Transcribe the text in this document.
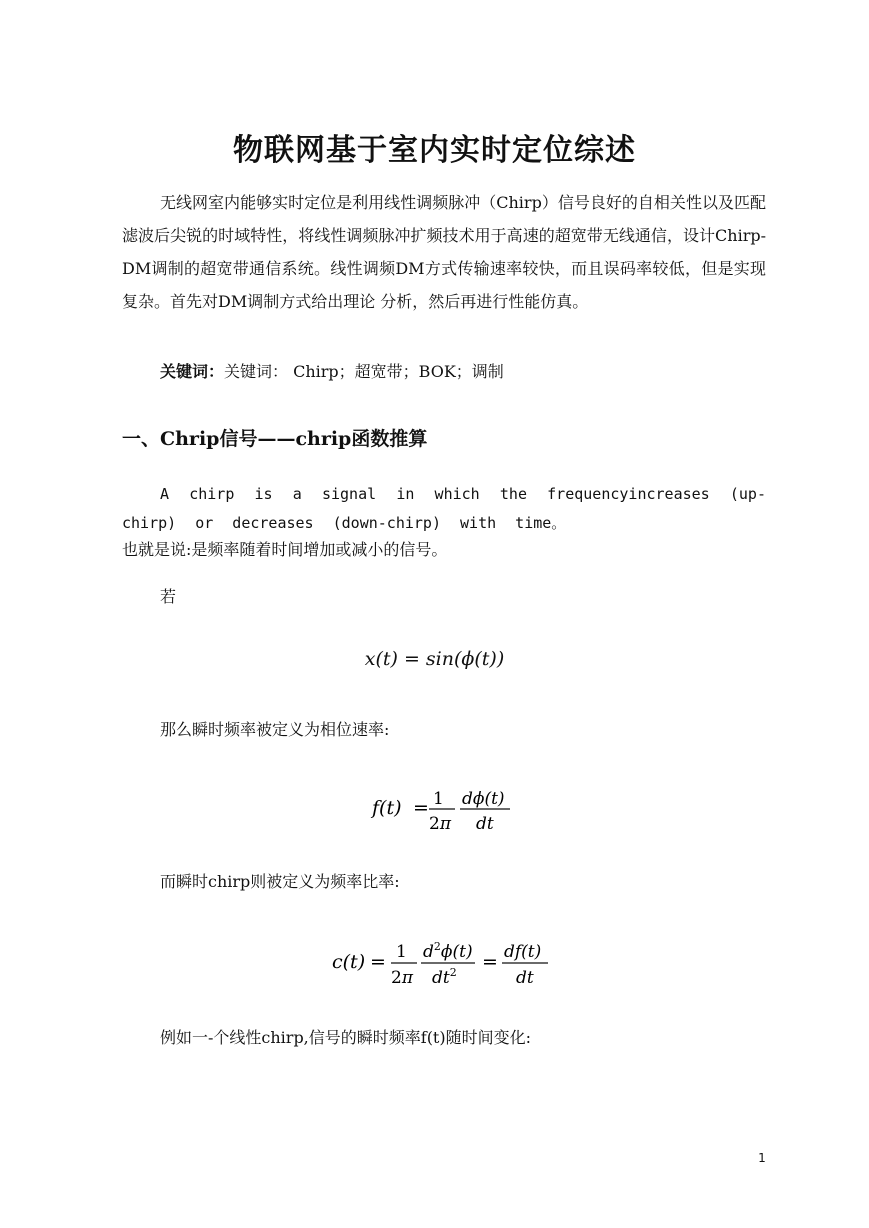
物联网基于室内实时定位综述

无线网室内能够实时定位是利用线性调频脉冲（Chirp）信号良好的自相关性以及匹配滤波后尖锐的时域特性，将线性调频脉冲扩频技术用于高速的超宽带无线通信，设计Chirp-DM调制的超宽带通信系统。线性调频DM方式传输速率较快，而且误码率较低，但是实现复杂。首先对DM调制方式给出理论 分析，然后再进行性能仿真。

关键词：关键词： Chirp；超宽带；BOK；调制
一、Chrip信号——chrip函数推算

A chirp is a signal in which the frequencyincreases (up-chirp) or decreases (down-chirp) with time。

也就是说:是频率随着时间增加或减小的信号。
若
x(t) = sin(ϕ(t))
那么瞬时频率被定义为相位速率:
f(t) = 1
2π
dϕ(t)
dt
而瞬时chirp则被定义为频率比率:
c(t) = 1
2π
$d^2\phi(t)$
$dt^2 = df(t)$
dt
例如一-个线性chirp,信号的瞬时频率f(t)随时间变化:
1
